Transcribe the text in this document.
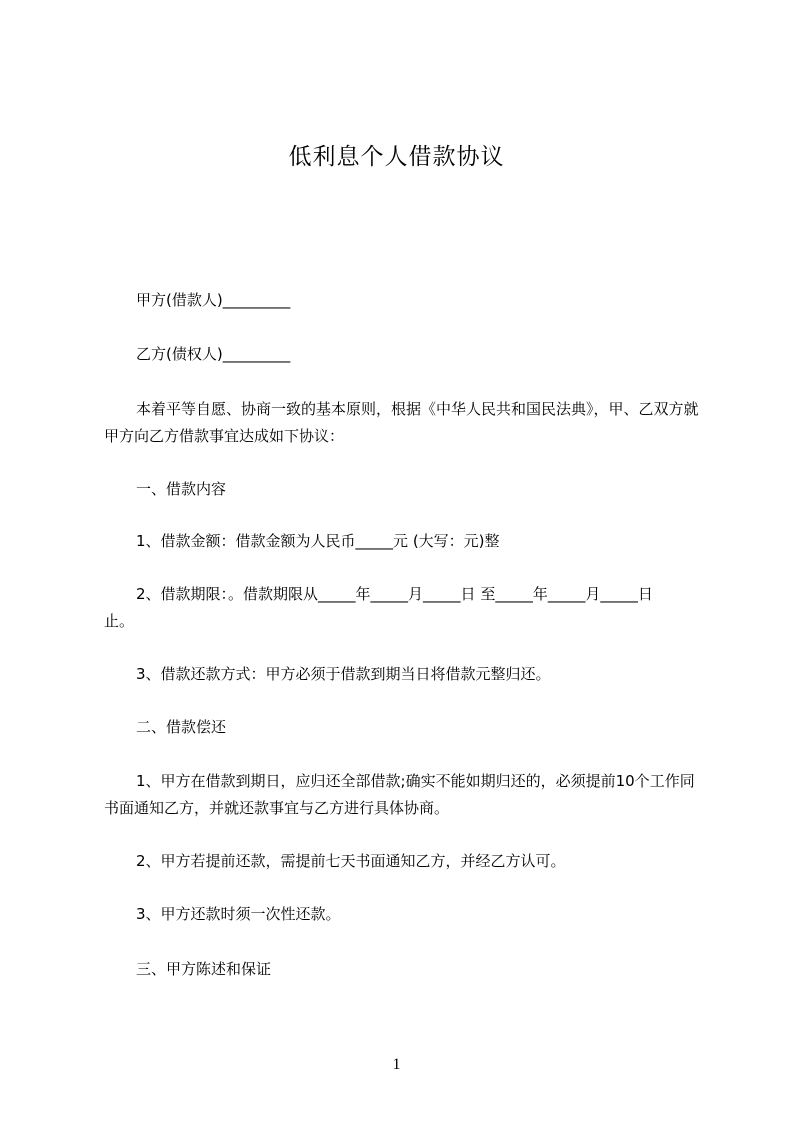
低利息个人借款协议
甲方(借款人)_________
乙方(债权人)_________
本着平等自愿、协商一致的基本原则，根据《中华人民共和国民法典》，甲、乙双方就甲方向乙方借款事宜达成如下协议：
一、借款内容
1、借款金额：借款金额为人民币_____元 (大写：元)整
2、借款期限：。借款期限从_____年_____月_____日 至_____年_____月_____日
止。
3、借款还款方式：甲方必须于借款到期当日将借款元整归还。
二、借款偿还
1、甲方在借款到期日，应归还全部借款;确实不能如期归还的，必须提前10个工作同书面通知乙方，并就还款事宜与乙方进行具体协商。
2、甲方若提前还款，需提前七天书面通知乙方，并经乙方认可。
3、甲方还款时须一次性还款。
三、甲方陈述和保证
1
